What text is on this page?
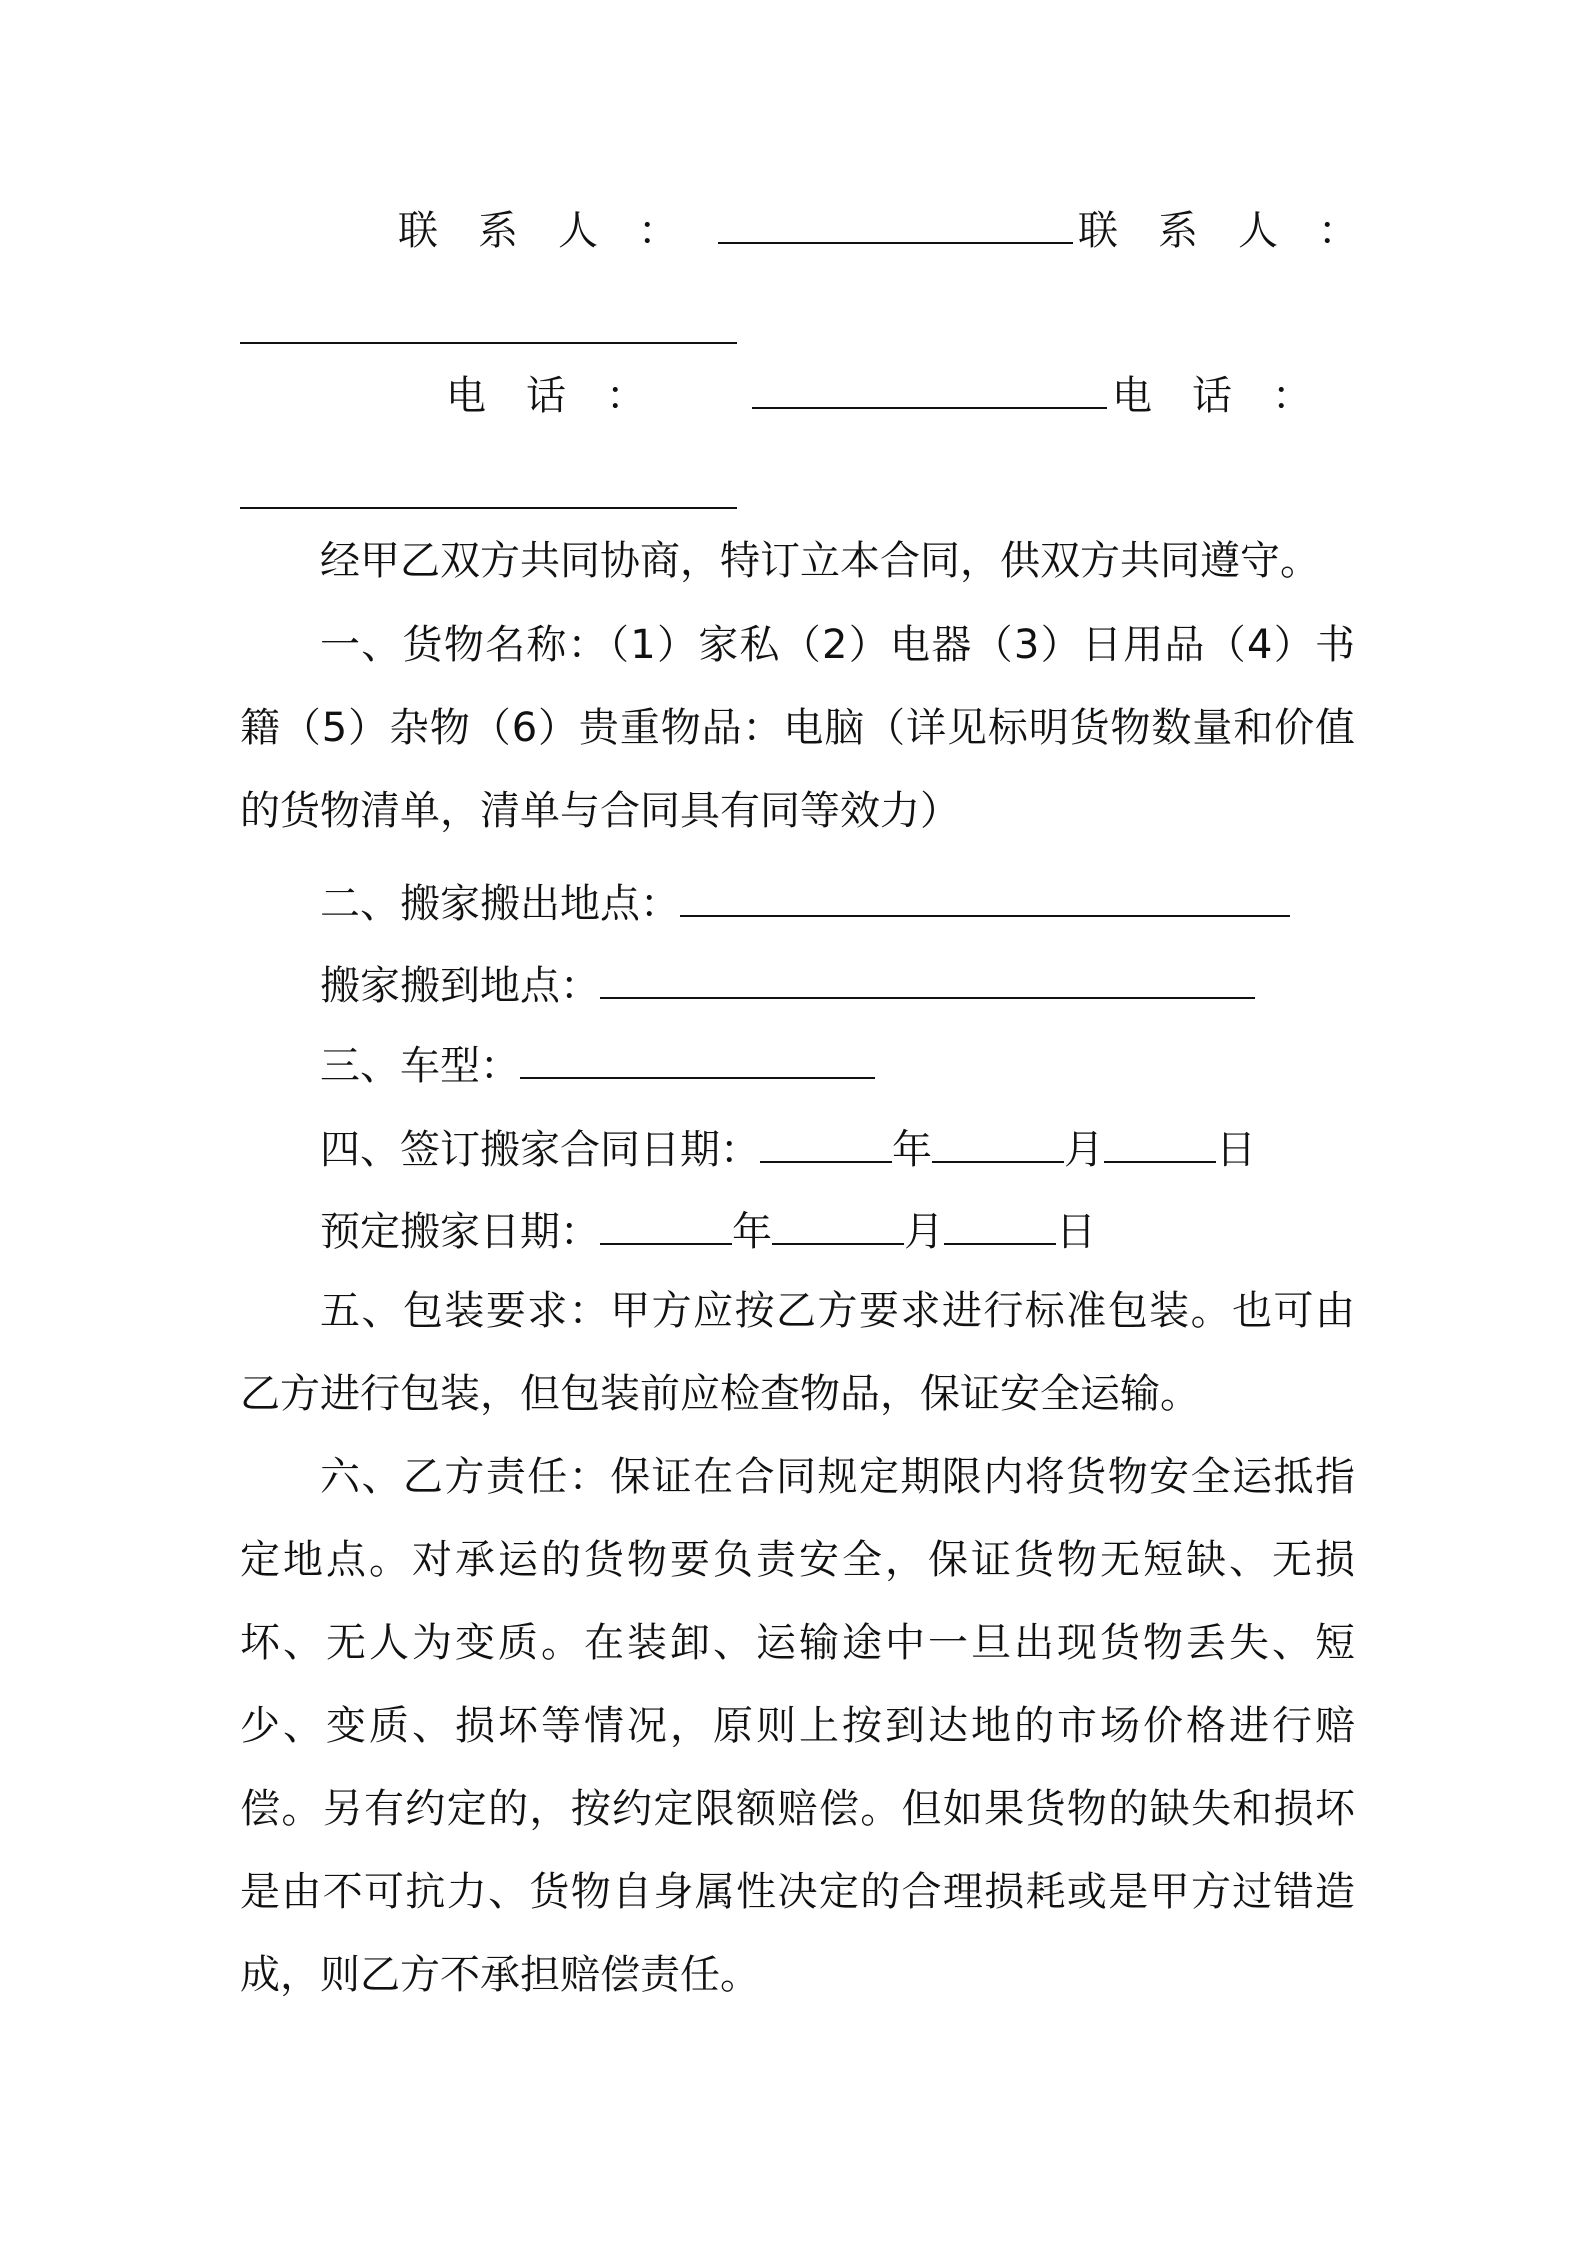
联　系　人　：	联　系　人　：
电　话　：	电　话　：
经甲乙双方共同协商，特订立本合同，供双方共同遵守。
一、货物名称：（1）家私（2）电器（3）日用品（4）书籍（5）杂物（6）贵重物品：电脑（详见标明货物数量和价值的货物清单，清单与合同具有同等效力）
二、搬家搬出地点：
搬家搬到地点：
三、车型：
四、签订搬家合同日期：	年	月	日
预定搬家日期：	年	月	日
五、包装要求：甲方应按乙方要求进行标准包装。也可由乙方进行包装，但包装前应检查物品，保证安全运输。
六、乙方责任：保证在合同规定期限内将货物安全运抵指定地点。对承运的货物要负责安全，保证货物无短缺、无损坏、无人为变质。在装卸、运输途中一旦出现货物丢失、短少、变质、损坏等情况，原则上按到达地的市场价格进行赔偿。另有约定的，按约定限额赔偿。但如果货物的缺失和损坏是由不可抗力、货物自身属性决定的合理损耗或是甲方过错造成，则乙方不承担赔偿责任。
